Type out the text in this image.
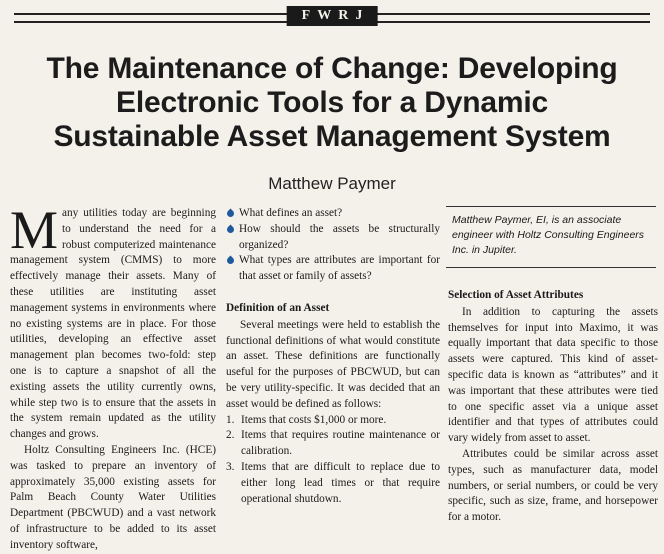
FWRJ
The Maintenance of Change: Developing
Electronic Tools for a Dynamic
Sustainable Asset Management System
Matthew Paymer

Many utilities today are beginning to understand the need for a robust computerized maintenance management system (CMMS) to more effectively manage their assets. Many of these utilities are instituting asset management systems in environments where no existing systems are in place. For those utilities, developing an effective asset management plan becomes two-fold: step one is to capture a snapshot of all the existing assets the utility currently owns, while step two is to ensure that the assets in the system remain updated as the utility changes and grows.

Holtz Consulting Engineers Inc. (HCE) was tasked to prepare an inventory of approximately 35,000 existing assets for Palm Beach County Water Utilities Department (PBCWUD) and a vast network of infrastructure to be added to its asset inventory software,

What defines an asset?
How should the assets be structurally organized?
What types are attributes are important for that asset or family of assets?

Definition of an Asset

Several meetings were held to establish the functional definitions of what would constitute an asset. These definitions are functionally useful for the purposes of PBCWUD, but can be very utility-specific. It was decided that an asset would be defined as follows:

1. Items that costs $1,000 or more.
2. Items that requires routine maintenance or calibration.
3. Items that are difficult to replace due to either long lead times or that require operational shutdown.

Matthew Paymer, EI, is an associate engineer with Holtz Consulting Engineers Inc. in Jupiter.

Selection of Asset Attributes

In addition to capturing the assets themselves for input into Maximo, it was equally important that data specific to those assets were captured. This kind of asset-specific data is known as “attributes” and it was important that these attributes were tied to one specific asset via a unique asset identifier and that types of attributes could vary widely from asset to asset.

Attributes could be similar across asset types, such as manufacturer data, model numbers, or serial numbers, or could be very specific, such as size, frame, and horsepower for a motor.
